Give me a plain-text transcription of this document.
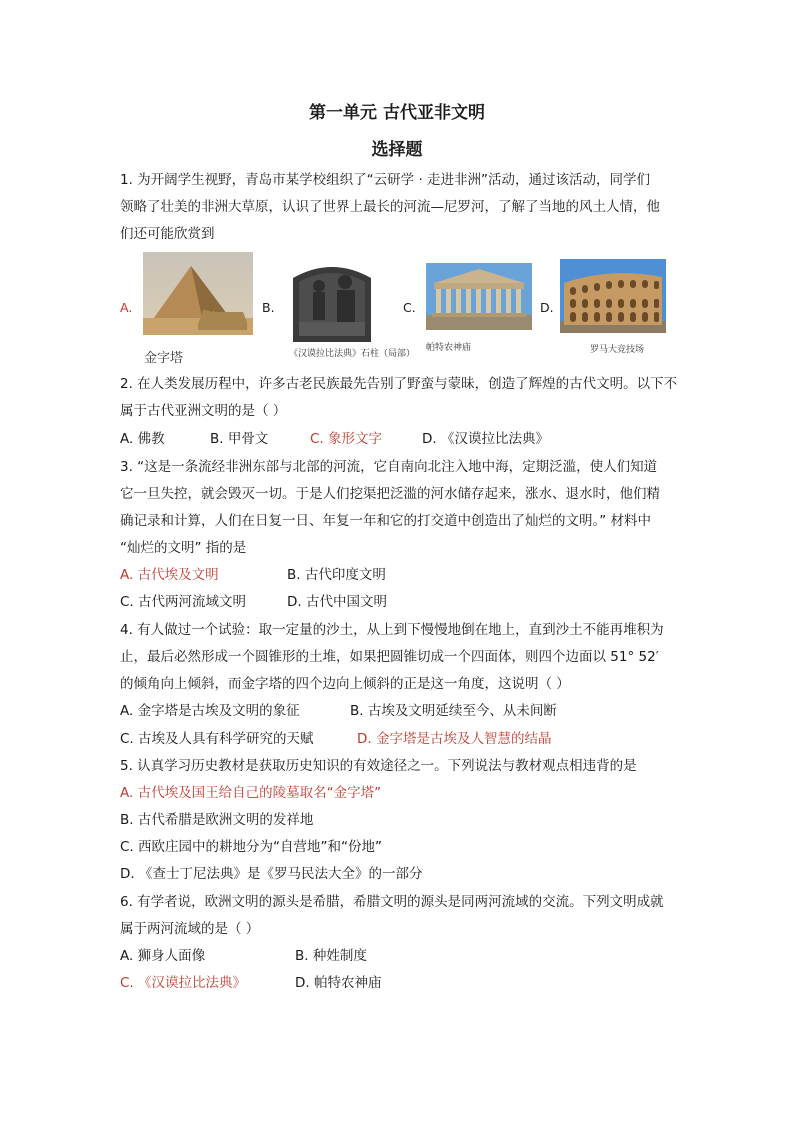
第一单元 古代亚非文明
选择题
1. 为开阔学生视野，青岛市某学校组织了“云研学 · 走进非洲”活动，通过该活动，同学们
领略了壮美的非洲大草原，认识了世界上最长的河流—尼罗河，了解了当地的风土人情，他
们还可能欣赏到
A.
金字塔
B.
《汉谟拉比法典》石柱（局部）
C.
帕特农神庙
D.
罗马大竞技场
2. 在人类发展历程中，许多古老民族最先告别了野蛮与蒙昧，创造了辉煌的古代文明。以下不
属于古代亚洲文明的是（ ）
A. 佛教	B. 甲骨文	C. 象形文字	D. 《汉谟拉比法典》
3. “这是一条流经非洲东部与北部的河流，它自南向北注入地中海，定期泛滥，使人们知道
它一旦失控，就会毁灭一切。于是人们挖渠把泛滥的河水储存起来，涨水、退水时，他们精
确记录和计算，人们在日复一日、年复一年和它的打交道中创造出了灿烂的文明。” 材料中
“灿烂的文明” 指的是
A. 古代埃及文明	B. 古代印度文明
C. 古代两河流域文明	D. 古代中国文明
4. 有人做过一个试验：取一定量的沙土，从上到下慢慢地倒在地上，直到沙土不能再堆积为
止，最后必然形成一个圆锥形的土堆，如果把圆锥切成一个四面体，则四个边面以 51° 52′
的倾角向上倾斜，而金字塔的四个边向上倾斜的正是这一角度，这说明（ ）
A. 金字塔是古埃及文明的象征	B. 古埃及文明延续至今、从未间断
C. 古埃及人具有科学研究的天赋	D. 金字塔是古埃及人智慧的结晶
5. 认真学习历史教材是获取历史知识的有效途径之一。下列说法与教材观点相违背的是
A. 古代埃及国王给自己的陵墓取名“金字塔”
B. 古代希腊是欧洲文明的发祥地
C. 西欧庄园中的耕地分为“自营地”和“份地”
D. 《查士丁尼法典》是《罗马民法大全》的一部分
6. 有学者说，欧洲文明的源头是希腊，希腊文明的源头是同两河流域的交流。下列文明成就
属于两河流域的是（ ）
A. 狮身人面像	B. 种姓制度
C. 《汉谟拉比法典》	D. 帕特农神庙
